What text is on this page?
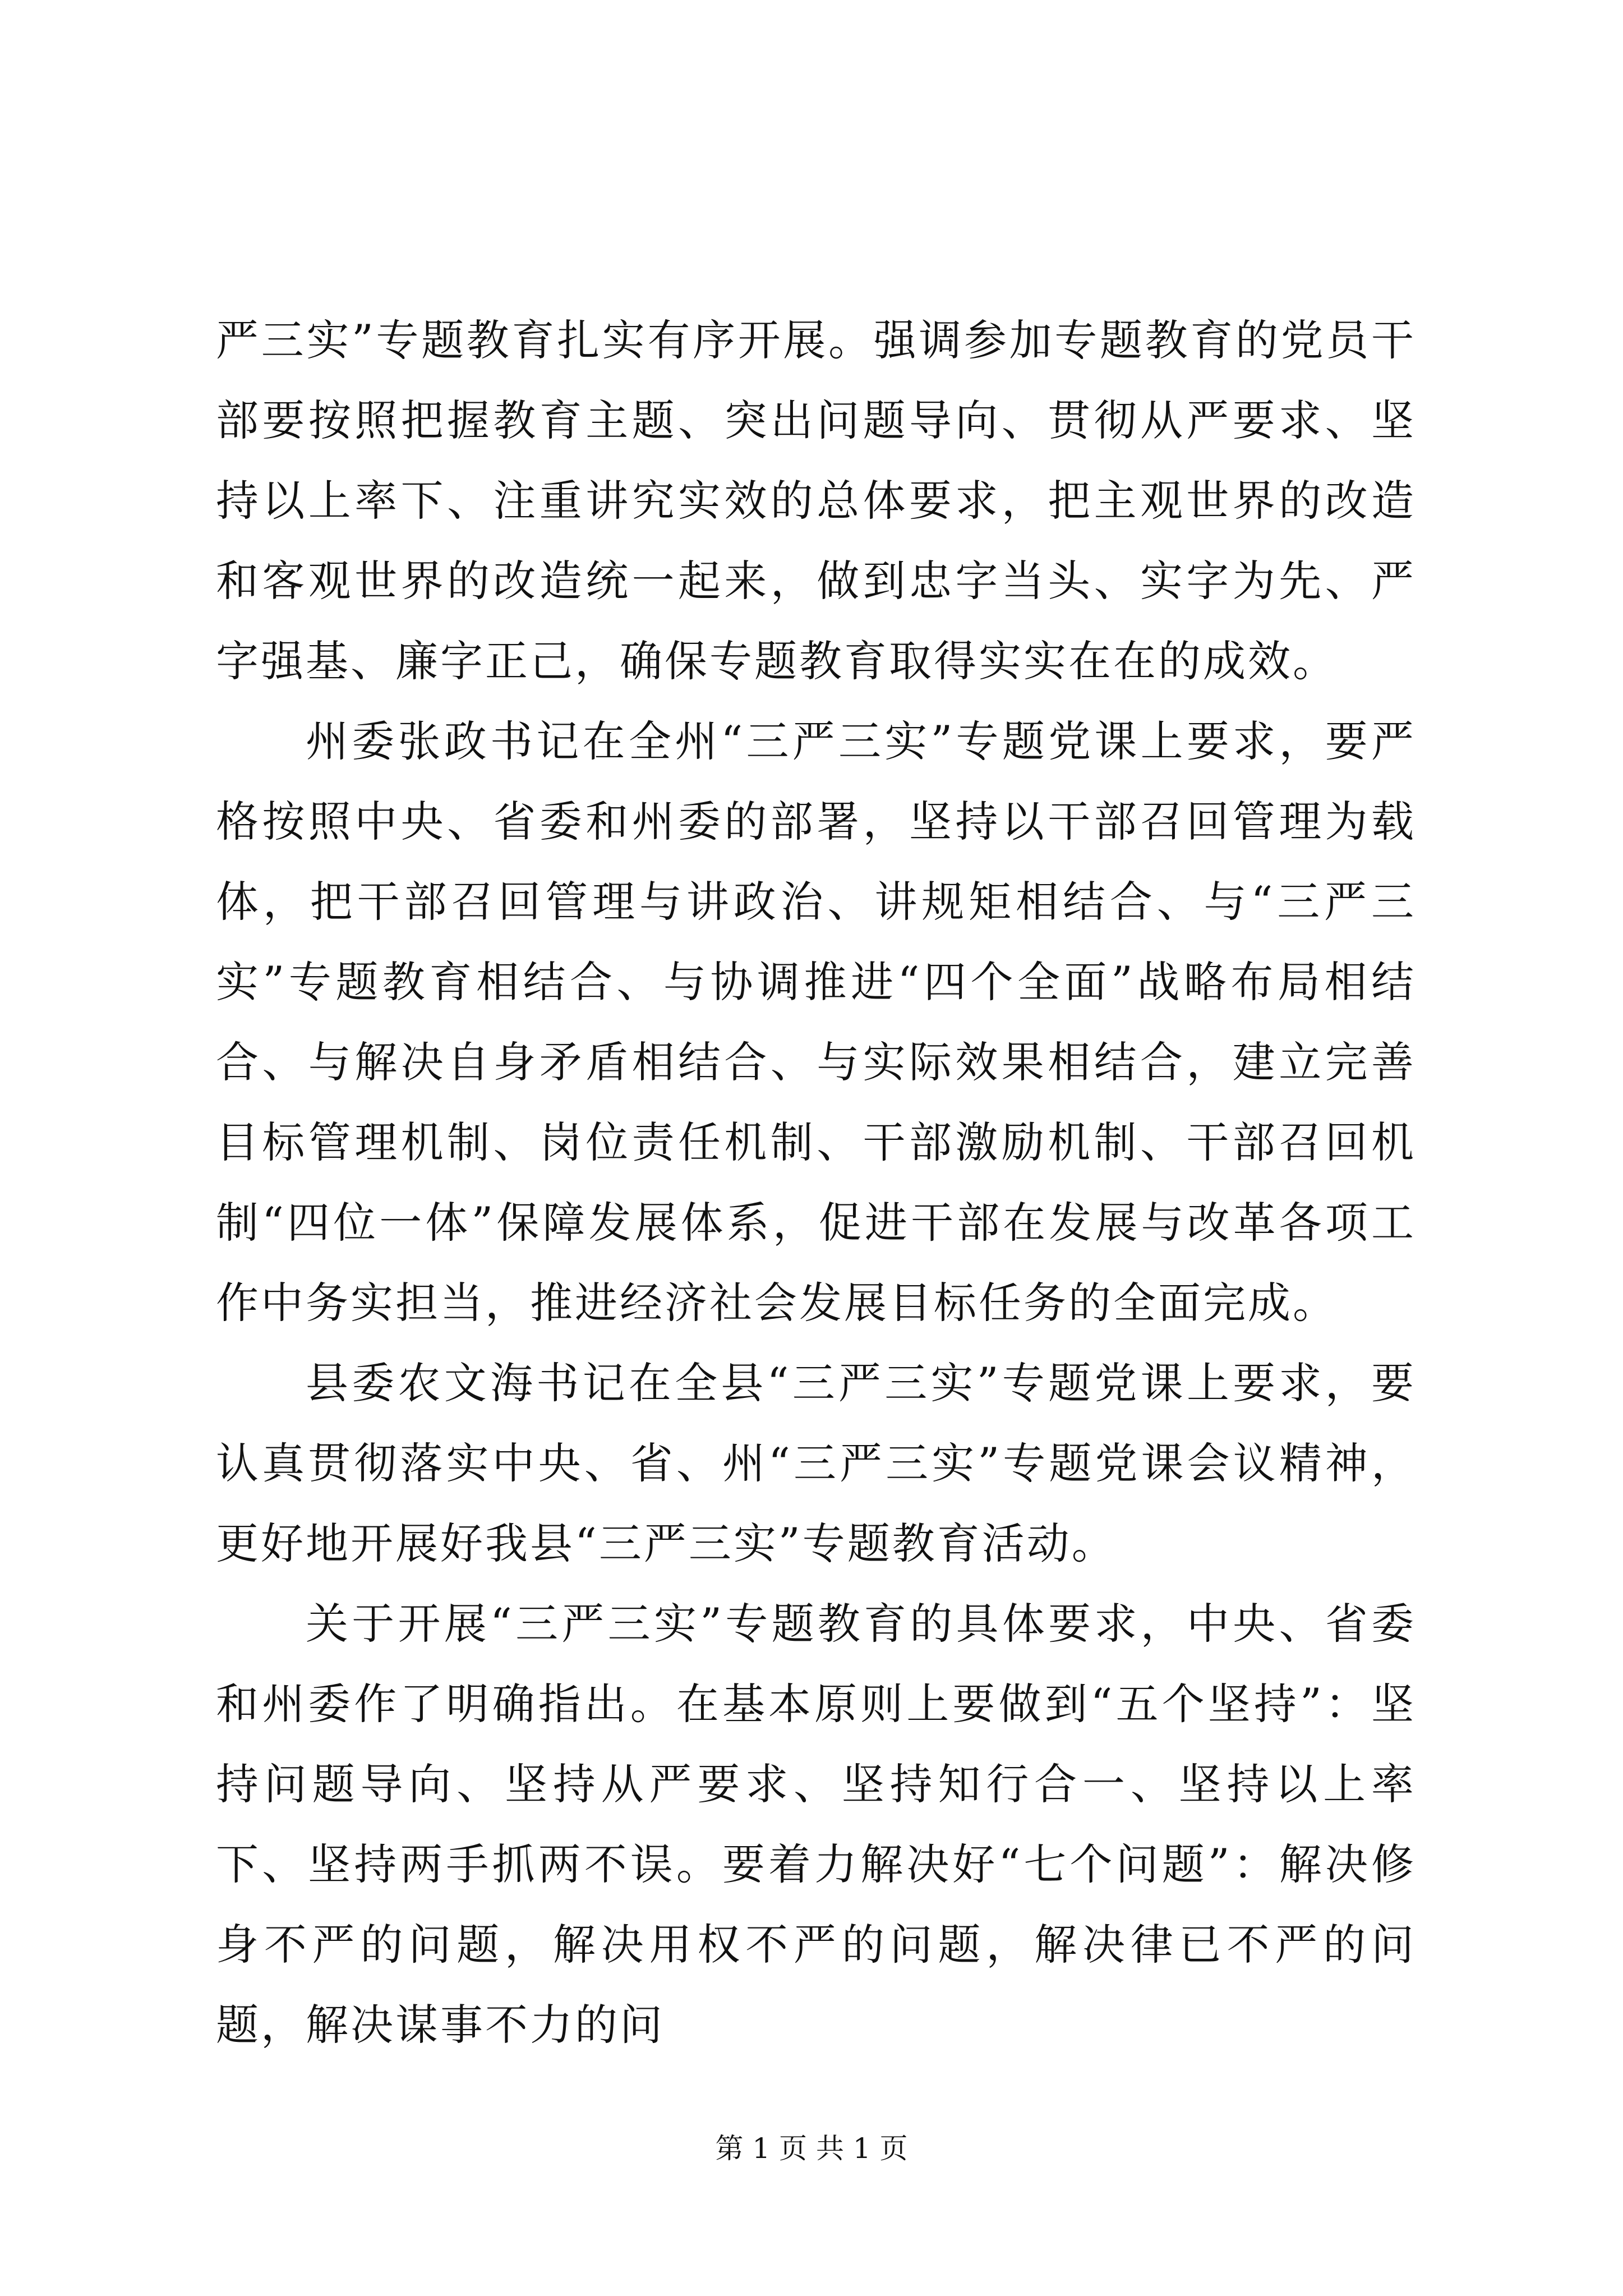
严三实”专题教育扎实有序开展。强调参加专题教育的党员干部要按照把握教育主题、突出问题导向、贯彻从严要求、坚持以上率下、注重讲究实效的总体要求，把主观世界的改造和客观世界的改造统一起来，做到忠字当头、实字为先、严字强基、廉字正己，确保专题教育取得实实在在的成效。

州委张政书记在全州“三严三实”专题党课上要求，要严格按照中央、省委和州委的部署，坚持以干部召回管理为载体，把干部召回管理与讲政治、讲规矩相结合、与“三严三实”专题教育相结合、与协调推进“四个全面”战略布局相结合、与解决自身矛盾相结合、与实际效果相结合，建立完善目标管理机制、岗位责任机制、干部激励机制、干部召回机制“四位一体”保障发展体系，促进干部在发展与改革各项工作中务实担当，推进经济社会发展目标任务的全面完成。

县委农文海书记在全县“三严三实”专题党课上要求，要认真贯彻落实中央、省、州“三严三实”专题党课会议精神，更好地开展好我县“三严三实”专题教育活动。

关于开展“三严三实”专题教育的具体要求，中央、省委和州委作了明确指出。在基本原则上要做到“五个坚持”：坚持问题导向、坚持从严要求、坚持知行合一、坚持以上率下、坚持两手抓两不误。要着力解决好“七个问题”：解决修身不严的问题，解决用权不严的问题，解决律已不严的问题，解决谋事不力的问

第 1 页 共 1 页
